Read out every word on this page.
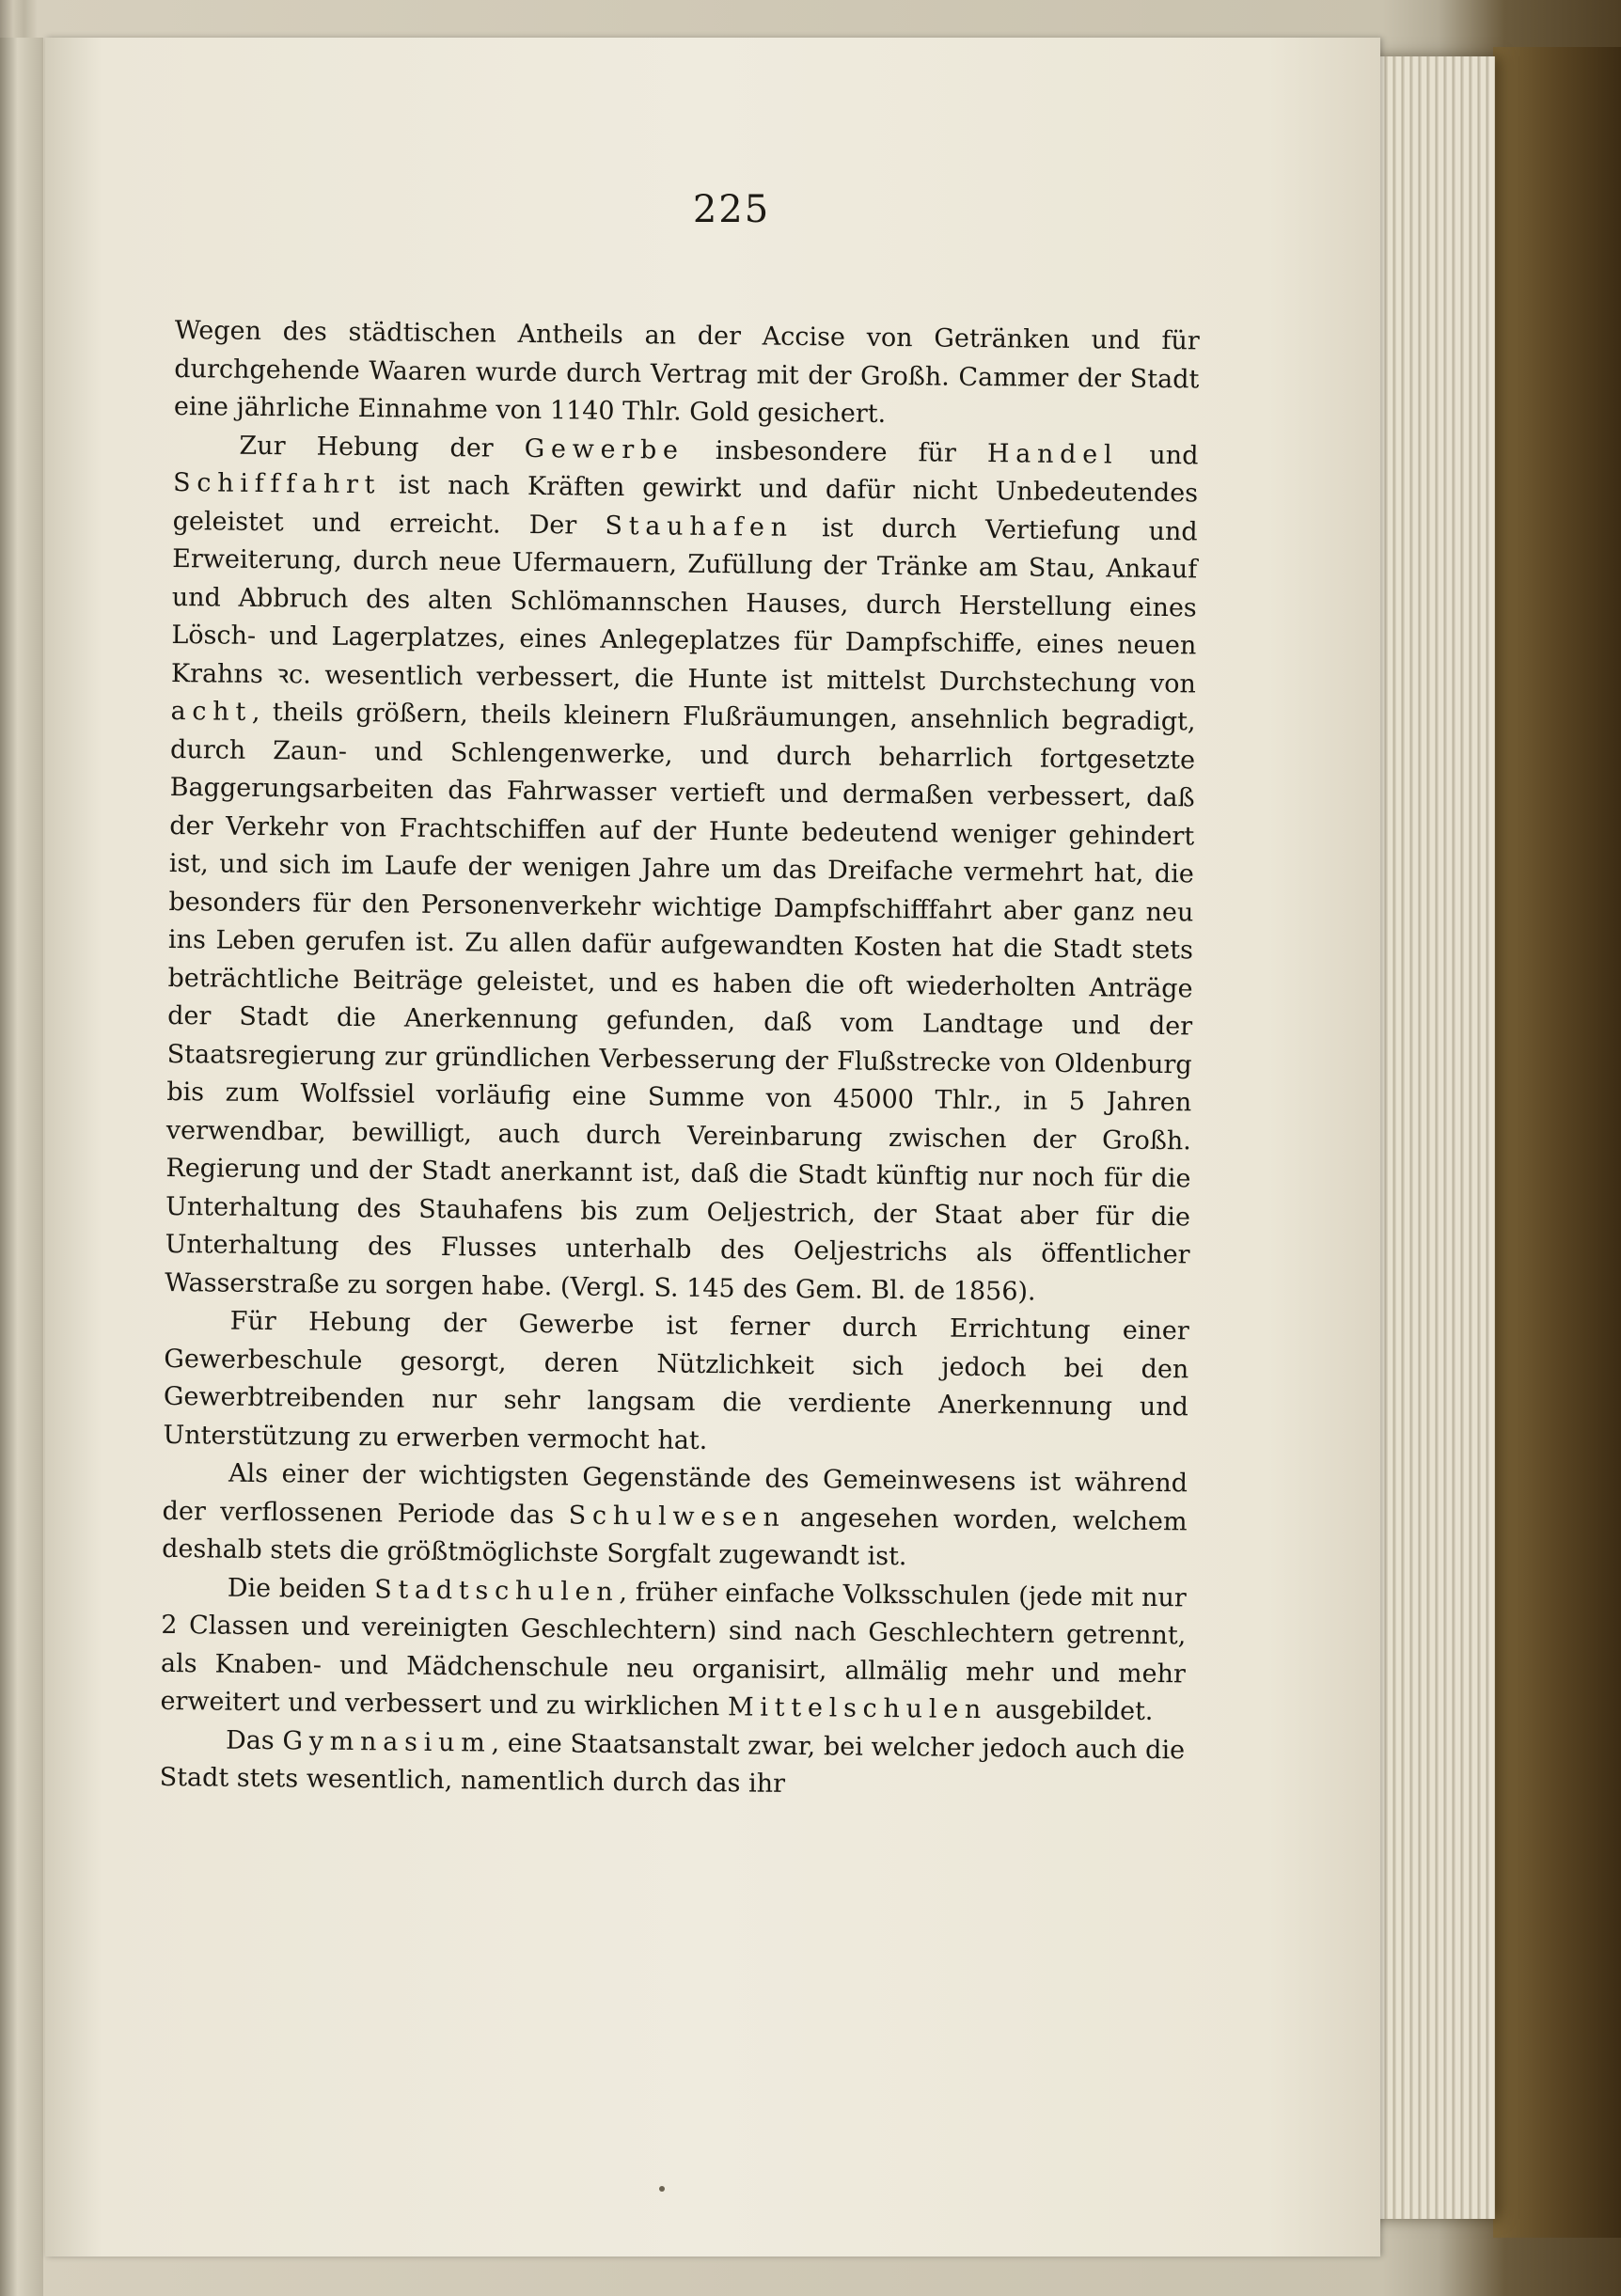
225

Wegen des städtischen Antheils an der Accise von Getränken und für durchgehende Waaren wurde durch Vertrag mit der Großh. Cammer der Stadt eine jährliche Einnahme von 1140 Thlr. Gold gesichert.

Zur Hebung der Gewerbe insbesondere für Handel und Schifffahrt ist nach Kräften gewirkt und dafür nicht Unbedeutendes geleistet und erreicht. Der Stauhafen ist durch Vertiefung und Erweiterung, durch neue Ufermauern, Zufüllung der Tränke am Stau, Ankauf und Abbruch des alten Schlömannschen Hauses, durch Herstellung eines Lösch- und Lagerplatzes, eines Anlegeplatzes für Dampfschiffe, eines neuen Krahns ꝛc. wesentlich verbessert, die Hunte ist mittelst Durchstechung von acht, theils größern, theils kleinern Flußräumungen, ansehnlich begradigt, durch Zaun- und Schlengenwerke, und durch beharrlich fortgesetzte Baggerungsarbeiten das Fahrwasser vertieft und dermaßen verbessert, daß der Verkehr von Frachtschiffen auf der Hunte bedeutend weniger gehindert ist, und sich im Laufe der wenigen Jahre um das Dreifache vermehrt hat, die besonders für den Personenverkehr wichtige Dampfschifffahrt aber ganz neu ins Leben gerufen ist. Zu allen dafür aufgewandten Kosten hat die Stadt stets beträchtliche Beiträge geleistet, und es haben die oft wiederholten Anträge der Stadt die Anerkennung gefunden, daß vom Landtage und der Staatsregierung zur gründlichen Verbesserung der Flußstrecke von Oldenburg bis zum Wolfssiel vorläufig eine Summe von 45000 Thlr., in 5 Jahren verwendbar, bewilligt, auch durch Vereinbarung zwischen der Großh. Regierung und der Stadt anerkannt ist, daß die Stadt künftig nur noch für die Unterhaltung des Stauhafens bis zum Oeljestrich, der Staat aber für die Unterhaltung des Flusses unterhalb des Oeljestrichs als öffentlicher Wasserstraße zu sorgen habe. (Vergl. S. 145 des Gem. Bl. de 1856).

Für Hebung der Gewerbe ist ferner durch Errichtung einer Gewerbeschule gesorgt, deren Nützlichkeit sich jedoch bei den Gewerbtreibenden nur sehr langsam die verdiente Anerkennung und Unterstützung zu erwerben vermocht hat.

Als einer der wichtigsten Gegenstände des Gemeinwesens ist während der verflossenen Periode das Schulwesen angesehen worden, welchem deshalb stets die größtmöglichste Sorgfalt zugewandt ist.

Die beiden Stadtschulen, früher einfache Volksschulen (jede mit nur 2 Classen und vereinigten Geschlechtern) sind nach Geschlechtern getrennt, als Knaben- und Mädchenschule neu organisirt, allmälig mehr und mehr erweitert und verbessert und zu wirklichen Mittelschulen ausgebildet.

Das Gymnasium, eine Staatsanstalt zwar, bei welcher jedoch auch die Stadt stets wesentlich, namentlich durch das ihr
